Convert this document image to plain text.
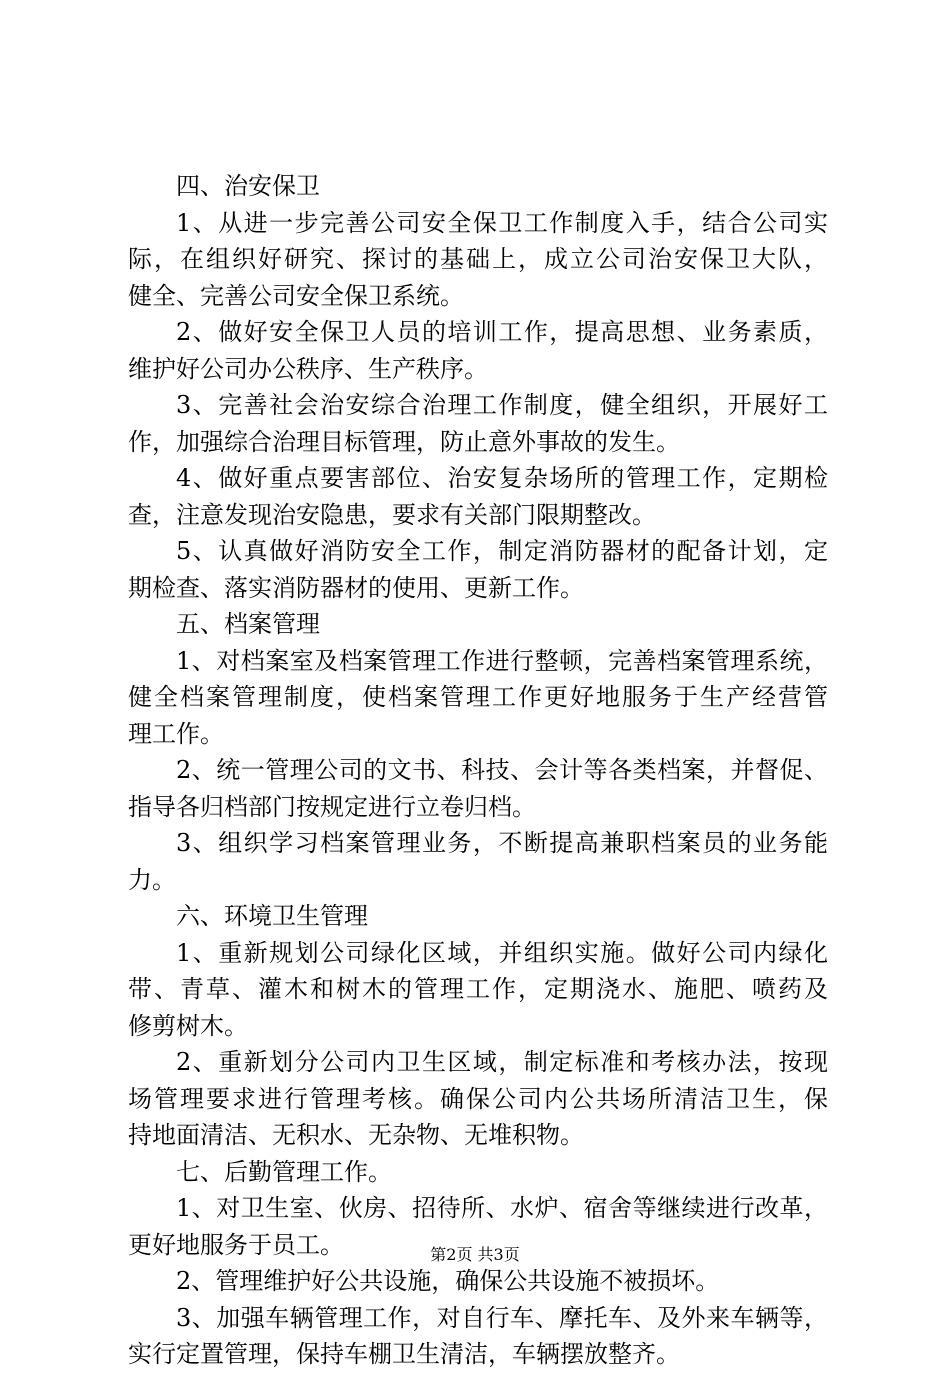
四、治安保卫
1、从进一步完善公司安全保卫工作制度入手，结合公司实
际，在组织好研究、探讨的基础上，成立公司治安保卫大队，
健全、完善公司安全保卫系统。
2、做好安全保卫人员的培训工作，提高思想、业务素质，
维护好公司办公秩序、生产秩序。
3、完善社会治安综合治理工作制度，健全组织，开展好工
作，加强综合治理目标管理，防止意外事故的发生。
4、做好重点要害部位、治安复杂场所的管理工作，定期检
查，注意发现治安隐患，要求有关部门限期整改。
5、认真做好消防安全工作，制定消防器材的配备计划，定
期检查、落实消防器材的使用、更新工作。
五、档案管理
1、对档案室及档案管理工作进行整顿，完善档案管理系统，
健全档案管理制度，使档案管理工作更好地服务于生产经营管
理工作。
2、统一管理公司的文书、科技、会计等各类档案，并督促、
指导各归档部门按规定进行立卷归档。
3、组织学习档案管理业务，不断提高兼职档案员的业务能
力。
六、环境卫生管理
1、重新规划公司绿化区域，并组织实施。做好公司内绿化
带、青草、灌木和树木的管理工作，定期浇水、施肥、喷药及
修剪树木。
2、重新划分公司内卫生区域，制定标准和考核办法，按现
场管理要求进行管理考核。确保公司内公共场所清洁卫生，保
持地面清洁、无积水、无杂物、无堆积物。
七、后勤管理工作。
1、对卫生室、伙房、招待所、水炉、宿舍等继续进行改革，
更好地服务于员工。
2、管理维护好公共设施，确保公共设施不被损坏。
3、加强车辆管理工作，对自行车、摩托车、及外来车辆等，
实行定置管理，保持车棚卫生清洁，车辆摆放整齐。
第2页 共3页
